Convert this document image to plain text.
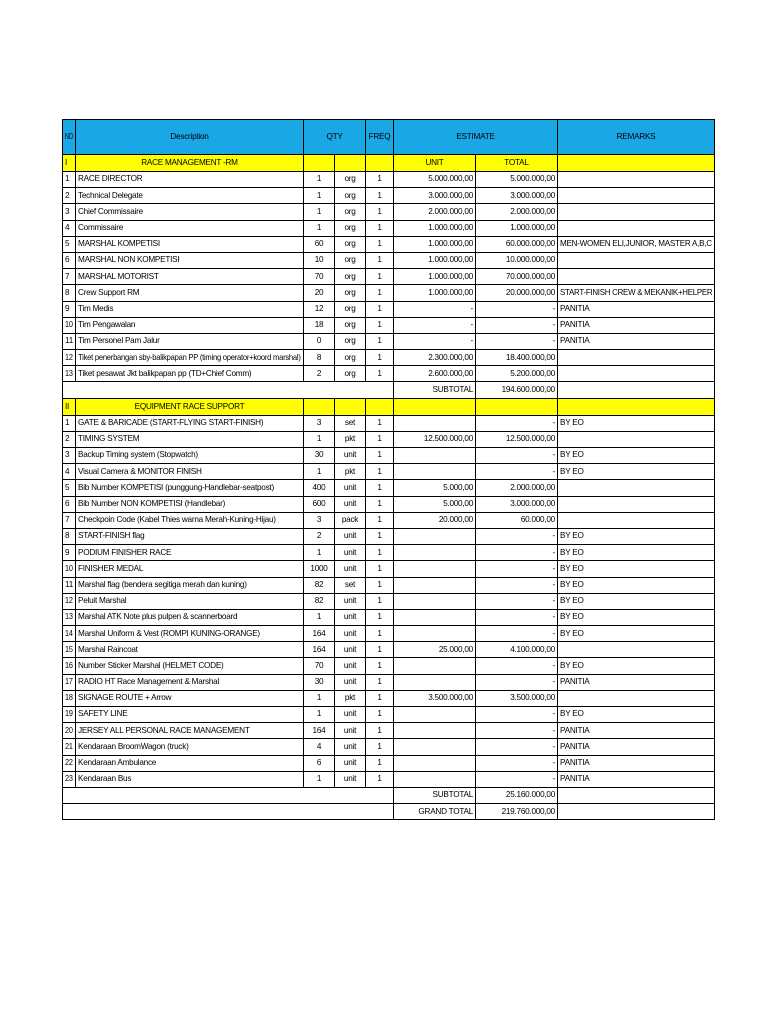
NO	Description	QTY		FREQ	ESTIMATE		REMARKS
I	RACE MANAGEMENT -RM				UNIT	TOTAL	
1	RACE DIRECTOR	1	org	1	5.000.000,00	5.000.000,00	
2	Technical Delegate	1	org	1	3.000.000,00	3.000.000,00	
3	Chief Commissaire	1	org	1	2.000.000,00	2.000.000,00	
4	Commissaire	1	org	1	1.000.000,00	1.000.000,00	
5	MARSHAL KOMPETISI	60	org	1	1.000.000,00	60.000.000,00	MEN-WOMEN ELI,JUNIOR, MASTER A,B,C
6	MARSHAL NON KOMPETISI	10	org	1	1.000.000,00	10.000.000,00	
7	MARSHAL MOTORIST	70	org	1	1.000.000,00	70.000.000,00	
8	Crew Support RM	20	org	1	1.000.000,00	20.000.000,00	START-FINISH CREW & MEKANIK+HELPER
9	Tim Medis	12	org	1	-	-	PANITIA
10	Tim Pengawalan	18	org	1	-	-	PANITIA
11	Tim Personel Pam Jalur	0	org	1	-	-	PANITIA
12	Tiket penerbangan sby-balikpapan PP (timing operator+koord marshal)	8	org	1	2.300.000,00	18.400.000,00	
13	Tiket pesawat Jkt balikpapan pp (TD+Chief Comm)	2	org	1	2.600.000,00	5.200.000,00	
					SUBTOTAL	194.600.000,00	
II	EQUIPMENT RACE SUPPORT						
1	GATE & BARICADE (START-FLYING START-FINISH)	3	set	1		-	BY EO
2	TIMING SYSTEM	1	pkt	1	12.500.000,00	12.500.000,00	
3	Backup Timing system (Stopwatch)	30	unit	1		-	BY EO
4	Visual Camera & MONITOR FINISH	1	pkt	1		-	BY EO
5	Bib Number KOMPETISI (punggung-Handlebar-seatpost)	400	unit	1	5.000,00	2.000.000,00	
6	Bib Number NON KOMPETISI (Handlebar)	600	unit	1	5.000,00	3.000.000,00	
7	Checkpoin Code (Kabel Thies warna Merah-Kuning-Hijau)	3	pack	1	20.000,00	60.000,00	
8	START-FINISH flag	2	unit	1		-	BY EO
9	PODIUM FINISHER RACE	1	unit	1		-	BY EO
10	FINISHER MEDAL	1000	unit	1		-	BY EO
11	Marshal flag (bendera segitiga merah dan kuning)	82	set	1		-	BY EO
12	Peluit Marshal	82	unit	1		-	BY EO
13	Marshal ATK Note plus pulpen & scannerboard	1	unit	1		-	BY EO
14	Marshal Uniform & Vest (ROMPI KUNING-ORANGE)	164	unit	1		-	BY EO
15	Marshal Raincoat	164	unit	1	25.000,00	4.100.000,00	
16	Number Sticker Marshal (HELMET CODE)	70	unit	1		-	BY EO
17	RADIO HT Race Management & Marshal	30	unit	1		-	PANITIA
18	SIGNAGE ROUTE + Arrow	1	pkt	1	3.500.000,00	3.500.000,00	
19	SAFETY LINE	1	unit	1		-	BY EO
20	JERSEY ALL PERSONAL RACE MANAGEMENT	164	unit	1		-	PANITIA
21	Kendaraan BroomWagon (truck)	4	unit	1		-	PANITIA
22	Kendaraan Ambulance	6	unit	1		-	PANITIA
23	Kendaraan Bus	1	unit	1		-	PANITIA
					SUBTOTAL	25.160.000,00	
					GRAND TOTAL	219.760.000,00	
